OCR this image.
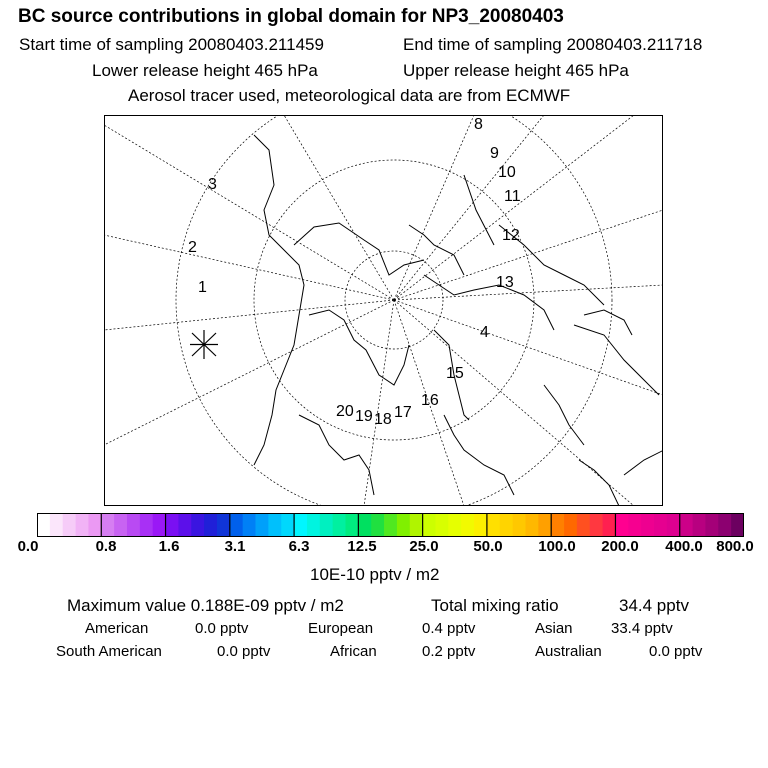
BC source contributions in global domain for NP3_20080403
Start time of sampling 20080403.211459	End time of sampling 20080403.211718
Lower release height 465 hPa	Upper release height 465 hPa
Aerosol tracer used, meteorological data are from ECMWF
1
2
3
4
8
9
10
11
12
13
15
16
17
18
19
20
0.0	0.8	1.6	3.1	6.3	12.5 25.0 50.0 100.0 200.0 400.0 800.0
10E-10 pptv / m2
Maximum value 0.188E-09 pptv / m2	Total mixing ratio	34.4 pptv
American	0.0 pptv	European	0.4 pptv	Asian	33.4 pptv
South American	0.0 pptv	African	0.2 pptv	Australian	0.0 pptv
